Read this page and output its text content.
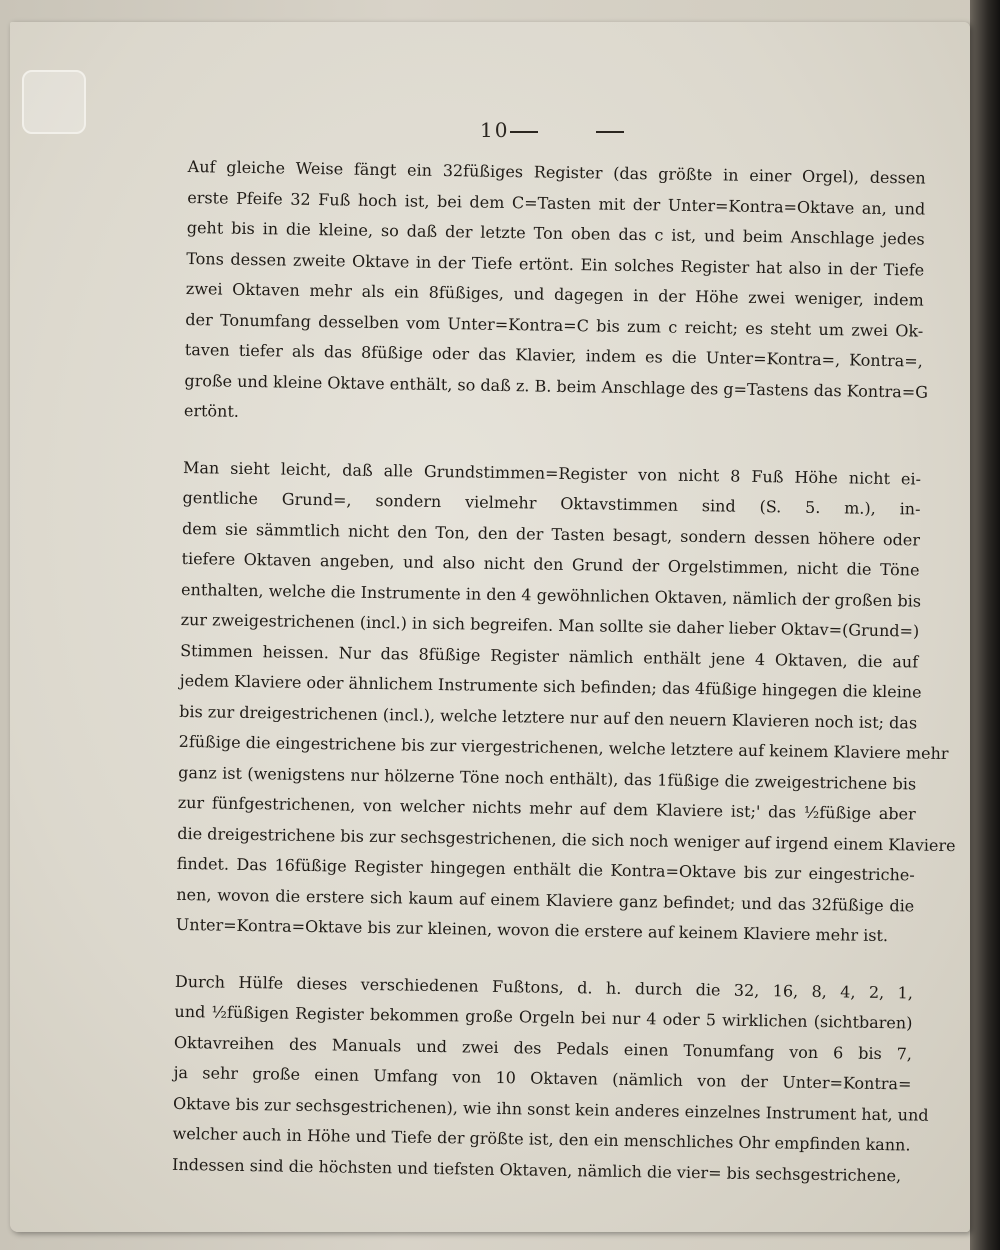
10
Auf gleiche Weise fängt ein 32füßiges Register (das größte in einer Orgel), dessen
erste Pfeife 32 Fuß hoch ist, bei dem C=Tasten mit der Unter=Kontra=Oktave an, und
geht bis in die kleine, so daß der letzte Ton oben das c ist, und beim Anschlage jedes
Tons dessen zweite Oktave in der Tiefe ertönt. Ein solches Register hat also in der Tiefe
zwei Oktaven mehr als ein 8füßiges, und dagegen in der Höhe zwei weniger, indem
der Tonumfang desselben vom Unter=Kontra=C bis zum c reicht; es steht um zwei Ok-
taven tiefer als das 8füßige oder das Klavier, indem es die Unter=Kontra=, Kontra=,
große und kleine Oktave enthält, so daß z. B. beim Anschlage des g=Tastens das Kontra=G
ertönt.
Man sieht leicht, daß alle Grundstimmen=Register von nicht 8 Fuß Höhe nicht ei-
gentliche Grund=, sondern vielmehr Oktavstimmen sind (S. 5. m.), in-
dem sie sämmtlich nicht den Ton, den der Tasten besagt, sondern dessen höhere oder
tiefere Oktaven angeben, und also nicht den Grund der Orgelstimmen, nicht die Töne
enthalten, welche die Instrumente in den 4 gewöhnlichen Oktaven, nämlich der großen bis
zur zweigestrichenen (incl.) in sich begreifen. Man sollte sie daher lieber Oktav=(Grund=)
Stimmen heissen. Nur das 8füßige Register nämlich enthält jene 4 Oktaven, die auf
jedem Klaviere oder ähnlichem Instrumente sich befinden; das 4füßige hingegen die kleine
bis zur dreigestrichenen (incl.), welche letztere nur auf den neuern Klavieren noch ist; das
2füßige die eingestrichene bis zur viergestrichenen, welche letztere auf keinem Klaviere mehr
ganz ist (wenigstens nur hölzerne Töne noch enthält), das 1füßige die zweigestrichene bis
zur fünfgestrichenen, von welcher nichts mehr auf dem Klaviere ist;' das ½füßige aber
die dreigestrichene bis zur sechsgestrichenen, die sich noch weniger auf irgend einem Klaviere
findet. Das 16füßige Register hingegen enthält die Kontra=Oktave bis zur eingestriche-
nen, wovon die erstere sich kaum auf einem Klaviere ganz befindet; und das 32füßige die
Unter=Kontra=Oktave bis zur kleinen, wovon die erstere auf keinem Klaviere mehr ist.
Durch Hülfe dieses verschiedenen Fußtons, d. h. durch die 32, 16, 8, 4, 2, 1,
und ½füßigen Register bekommen große Orgeln bei nur 4 oder 5 wirklichen (sichtbaren)
Oktavreihen des Manuals und zwei des Pedals einen Tonumfang von 6 bis 7,
ja sehr große einen Umfang von 10 Oktaven (nämlich von der Unter=Kontra=
Oktave bis zur sechsgestrichenen), wie ihn sonst kein anderes einzelnes Instrument hat, und
welcher auch in Höhe und Tiefe der größte ist, den ein menschliches Ohr empfinden kann.
Indessen sind die höchsten und tiefsten Oktaven, nämlich die vier= bis sechsgestrichene,
